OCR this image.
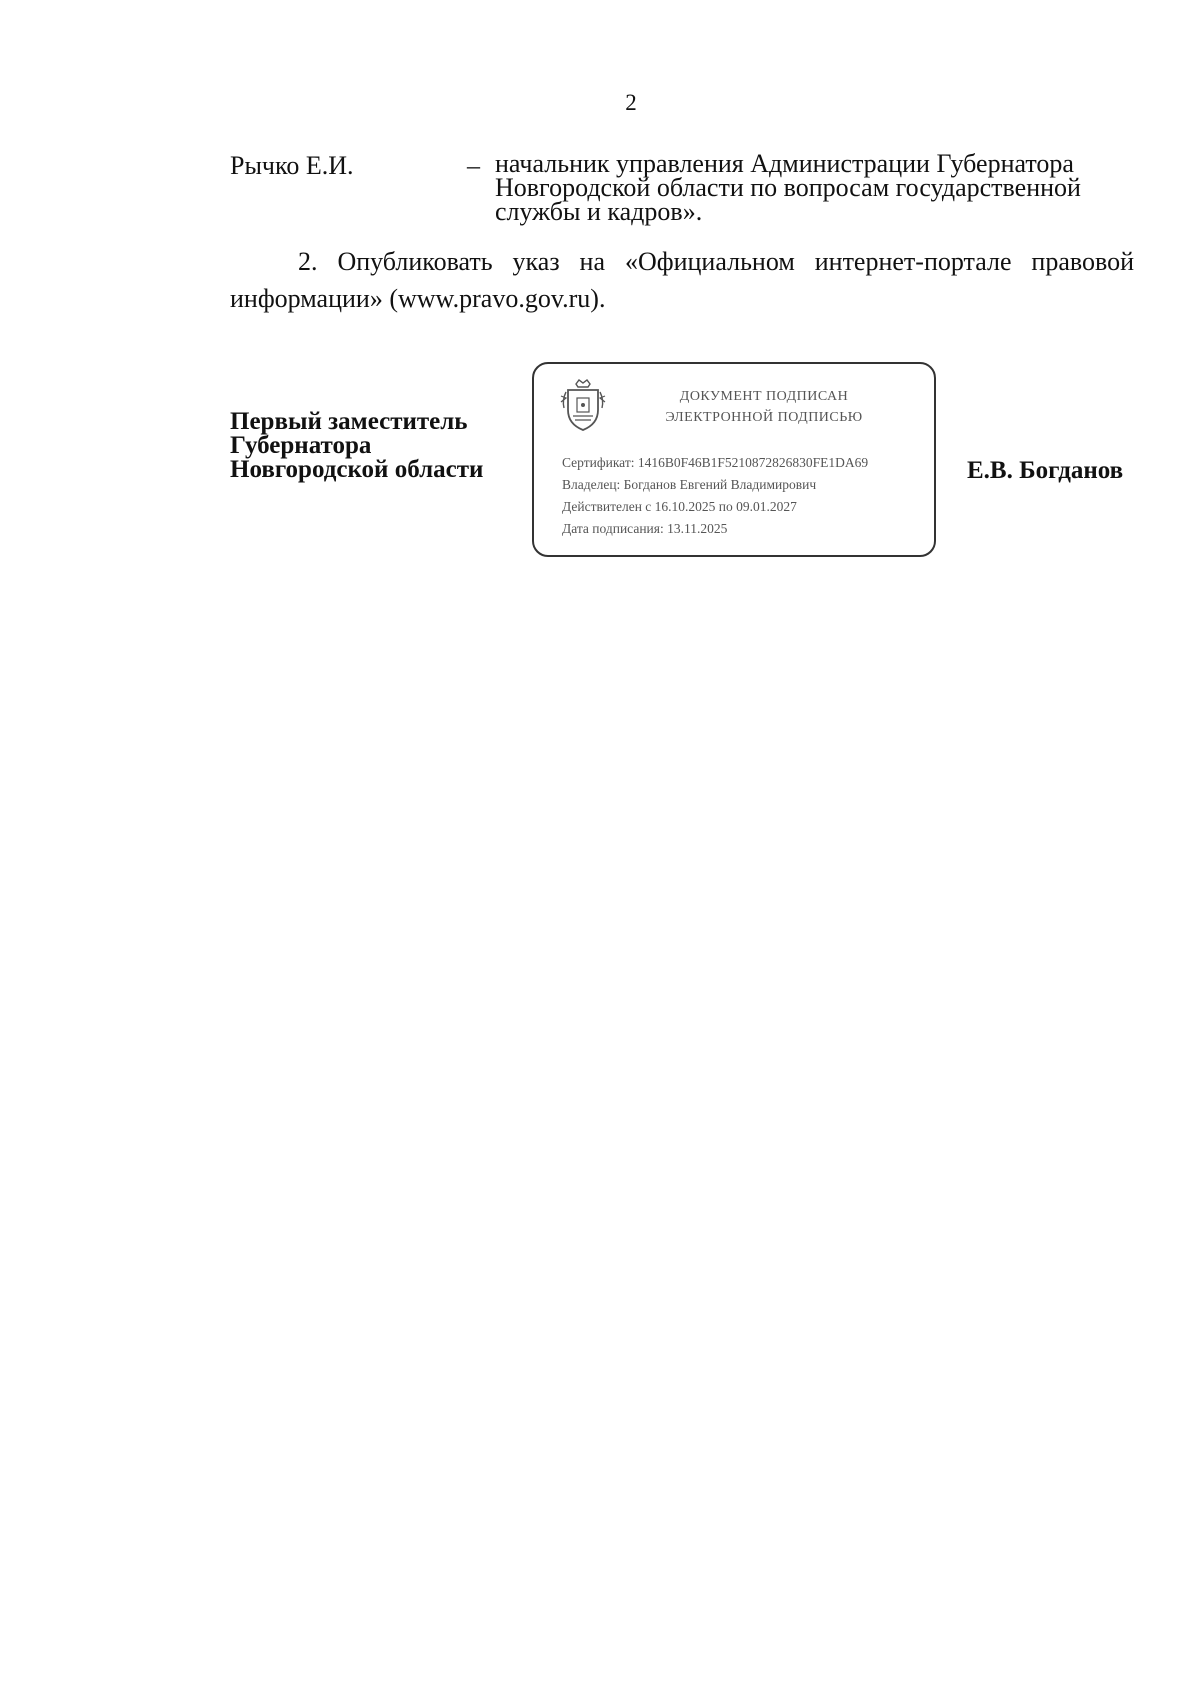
2
Рычко Е.И.	– начальник управления Администрации Губернатора
Новгородской области по вопросам государственной
службы и кадров».
2. Опубликовать указ на «Официальном интернет-портале правовой
информации» (www.pravo.gov.ru).
Первый заместитель
Губернатора
Новгородской области
ДОКУМЕНТ ПОДПИСАН
ЭЛЕКТРОННОЙ ПОДПИСЬЮ
Сертификат: 1416B0F46B1F5210872826830FE1DA69
Владелец: Богданов Евгений Владимирович
Действителен с 16.10.2025 по 09.01.2027
Дата подписания: 13.11.2025
Е.В. Богданов
